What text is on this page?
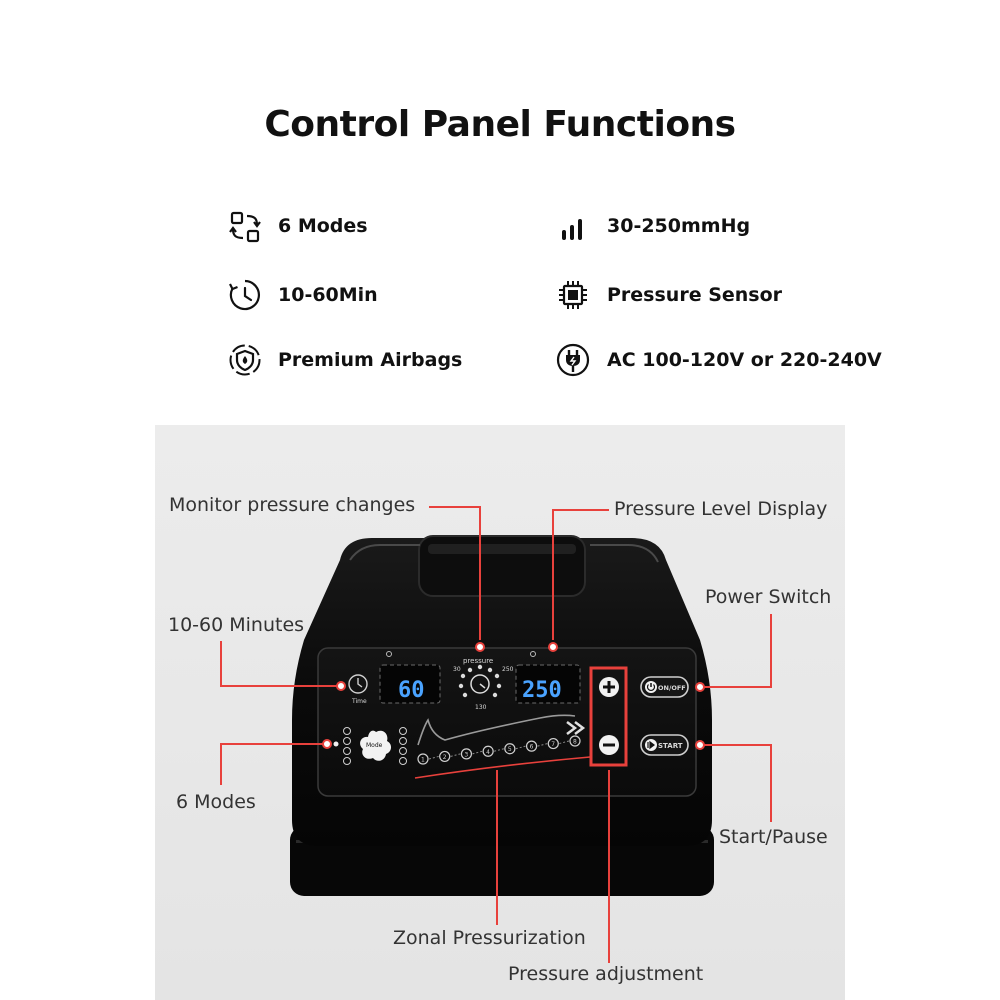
Control Panel Functions
6 Modes	30-250mmHg
10-60Min	Pressure Sensor
Premium Airbags	AC 100-120V or 220-240V
Time 60
pressure
30	250
130
250
Mode
1	2	3	4	5	6	7	8
ON/OFF
START
Monitor pressure changes	Pressure Level Display
Power Switch
10-60 Minutes
6 Modes
Start/Pause
Zonal Pressurization
Pressure adjustment
